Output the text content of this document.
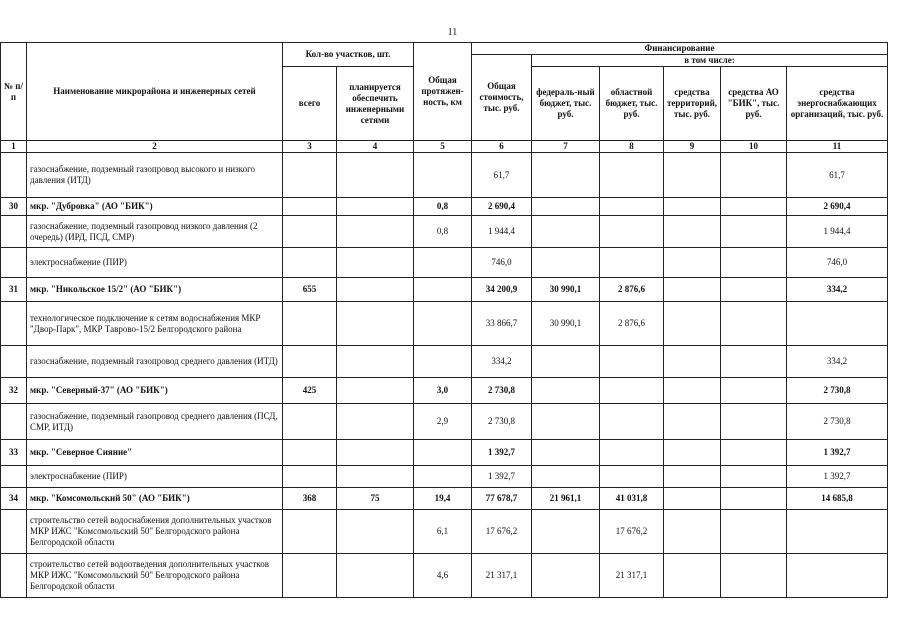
11
№ п/п	Наименование микрорайона и инженерных сетей	Кол-во участков, шт.		Общая протяжен-ность, км	Финансирование					
					Общая стоимость, тыс. руб.	в том числе:				
		всего	планируется обеспечить инженерными сетями			федераль-ный бюджет, тыс. руб.	областной бюджет, тыс. руб.	средства территорий, тыс. руб.	средства АО "БИК", тыс. руб.	средства энергоснабжающих организаций, тыс. руб.
1	2	3	4	5	6	7	8	9	10	11
	газоснабжение, подземный газопровод высокого и низкого давления (ИТД)				61,7					61,7
30	мкр. "Дубровка" (АО "БИК")			0,8	2 690,4					2 690,4
	газоснабжение, подземный газопровод низкого давления (2 очередь) (ИРД, ПСД, СМР)			0,8	1 944,4					1 944,4
	электроснабжение (ПИР)				746,0					746,0
31	мкр. "Никольское 15/2" (АО "БИК")	655			34 200,9	30 990,1	2 876,6			334,2
	технологическое подключение к сетям водоснабжения МКР "Двор-Парк", МКР Таврово-15/2 Белгородского района				33 866,7	30 990,1	2 876,6			
	газоснабжение, подземный газопровод среднего давления (ИТД)				334,2					334,2
32	мкр. "Северный-37" (АО "БИК")	425		3,0	2 730,8					2 730,8
	газоснабжение, подземный газопровод среднего давления (ПСД, СМР, ИТД)			2,9	2 730,8					2 730,8
33	мкр. "Северное Сияние"				1 392,7					1 392,7
	электроснабжение (ПИР)				1 392,7					1 392,7
34	мкр. "Комсомольский 50" (АО "БИК")	368	75	19,4	77 678,7	21 961,1	41 031,8			14 685,8
	строительство сетей водоснабжения дополнительных участков МКР ИЖС "Комсомольский 50" Белгородского района Белгородской области			6,1	17 676,2		17 676,2			
	строительство сетей водоотведения дополнительных участков МКР ИЖС "Комсомольский 50" Белгородского района Белгородской области			4,6	21 317,1		21 317,1			
